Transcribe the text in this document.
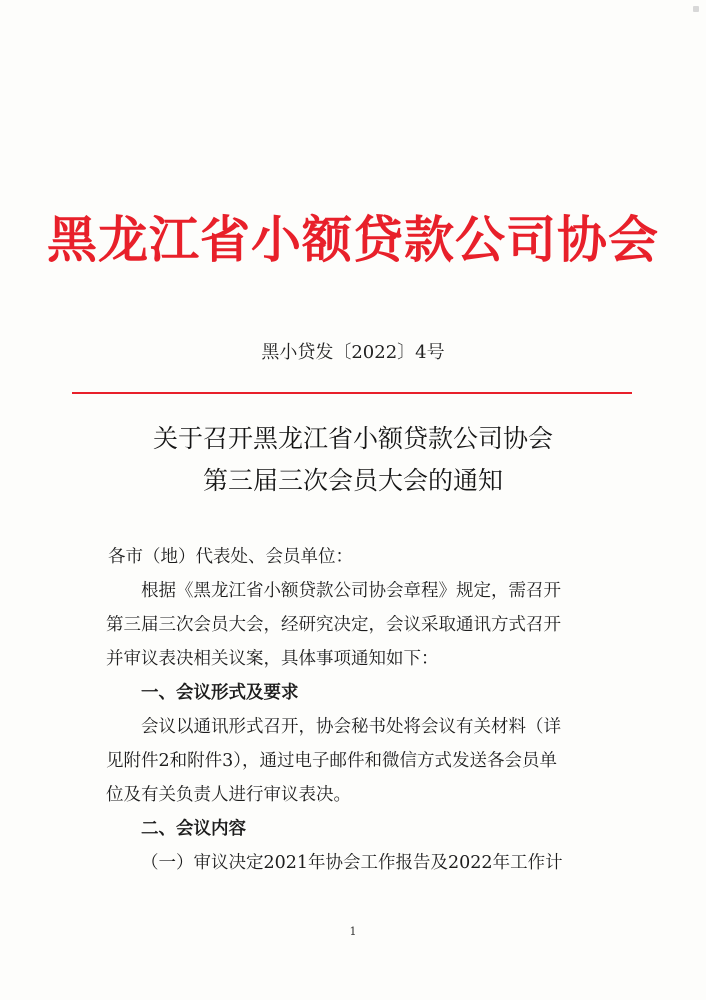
黑龙江省小额贷款公司协会
黑小贷发〔2022〕4号
关于召开黑龙江省小额贷款公司协会
第三届三次会员大会的通知
各市（地）代表处、会员单位：
根据《黑龙江省小额贷款公司协会章程》规定，需召开
第三届三次会员大会，经研究决定，会议采取通讯方式召开
并审议表决相关议案，具体事项通知如下：
一、会议形式及要求
会议以通讯形式召开，协会秘书处将会议有关材料（详
见附件2和附件3），通过电子邮件和微信方式发送各会员单
位及有关负责人进行审议表决。
二、会议内容
（一）审议决定2021年协会工作报告及2022年工作计
1
